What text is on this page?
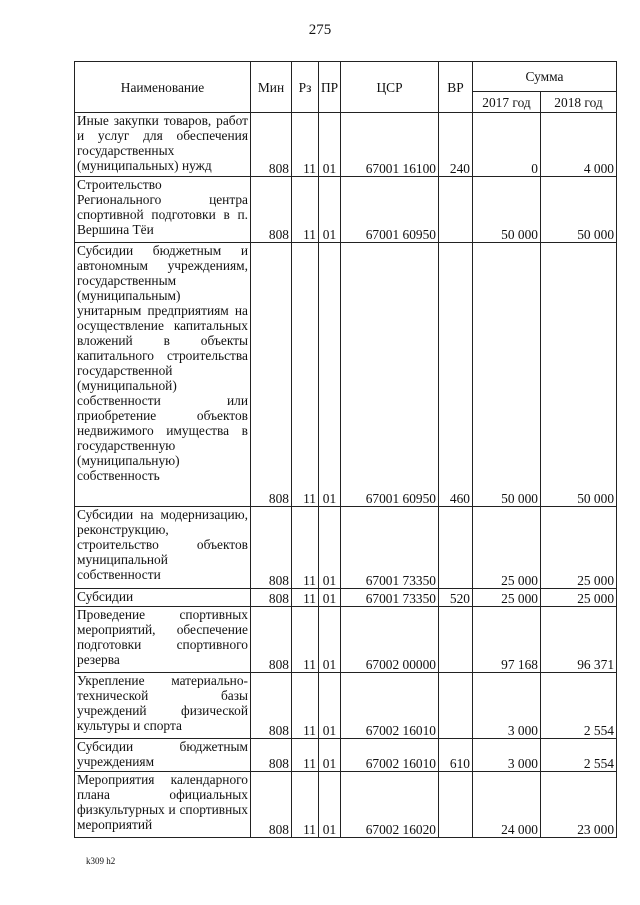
275
Наименование	Мин	Рз	ПР	ЦСР	ВР	Сумма	
						2017 год	2018 год
Иные закупки товаров, работ и услуг для обеспечения государственных (муниципальных) нужд	808	11	01	67001 16100	240	0	4 000
Строительство Регионального центра спортивной подготовки в п. Вершина Тёи	808	11	01	67001 60950		50 000	50 000
Субсидии бюджетным и автономным учреждениям, государственным (муниципальным) унитарным предприятиям на осуществление капитальных вложений в объекты капитального строительства государственной (муниципальной) собственности или приобретение объектов недвижимого имущества в государственную (муниципальную) собственность	808	11	01	67001 60950	460	50 000	50 000
Субсидии на модернизацию, реконструкцию, строительство объектов муниципальной собственности	808	11	01	67001 73350		25 000	25 000
Субсидии	808	11	01	67001 73350	520	25 000	25 000
Проведение спортивных мероприятий, обеспечение подготовки спортивного резерва	808	11	01	67002 00000		97 168	96 371
Укрепление материально-технической базы учреждений физической культуры и спорта	808	11	01	67002 16010		3 000	2 554
Субсидии бюджетным учреждениям	808	11	01	67002 16010	610	3 000	2 554
Мероприятия календарного плана официальных физкультурных и спортивных мероприятий	808	11	01	67002 16020		24 000	23 000
k309 h2
